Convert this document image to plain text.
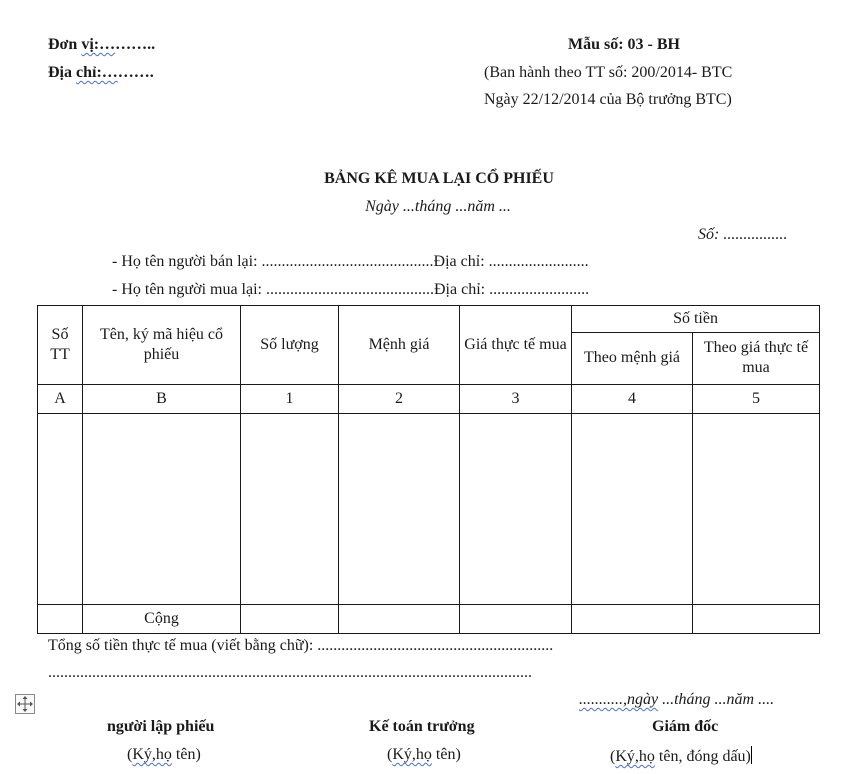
Đơn vị:………..
Địa chỉ:……….
Mẫu số: 03 - BH
(Ban hành theo TT số: 200/2014- BTC
Ngày 22/12/2014 của Bộ trưởng BTC)
BẢNG KÊ MUA LẠI CỔ PHIẾU
Ngày ...tháng ...năm ...
Số: ................
- Họ tên người bán lại: ...........................................Địa chỉ: .........................
- Họ tên người mua lại: ..........................................Địa chỉ: .........................
Số TT	Tên, ký mã hiệu cổ phiếu	Số lượng	Mệnh giá	Giá thực tế mua	Số tiền	
					Theo mệnh giá	Theo giá thực tế mua
A	B	1	2	3	4	5

	Cộng					
Tổng số tiền thực tế mua (viết bằng chữ): ...........................................................
.........................................................................................................................
...........,ngày ...tháng ...năm ....
người lập phiếu
(Ký,họ tên)
Kế toán trưởng
(Ký,họ tên)
Giám đốc
(Ký,họ tên, đóng dấu)
